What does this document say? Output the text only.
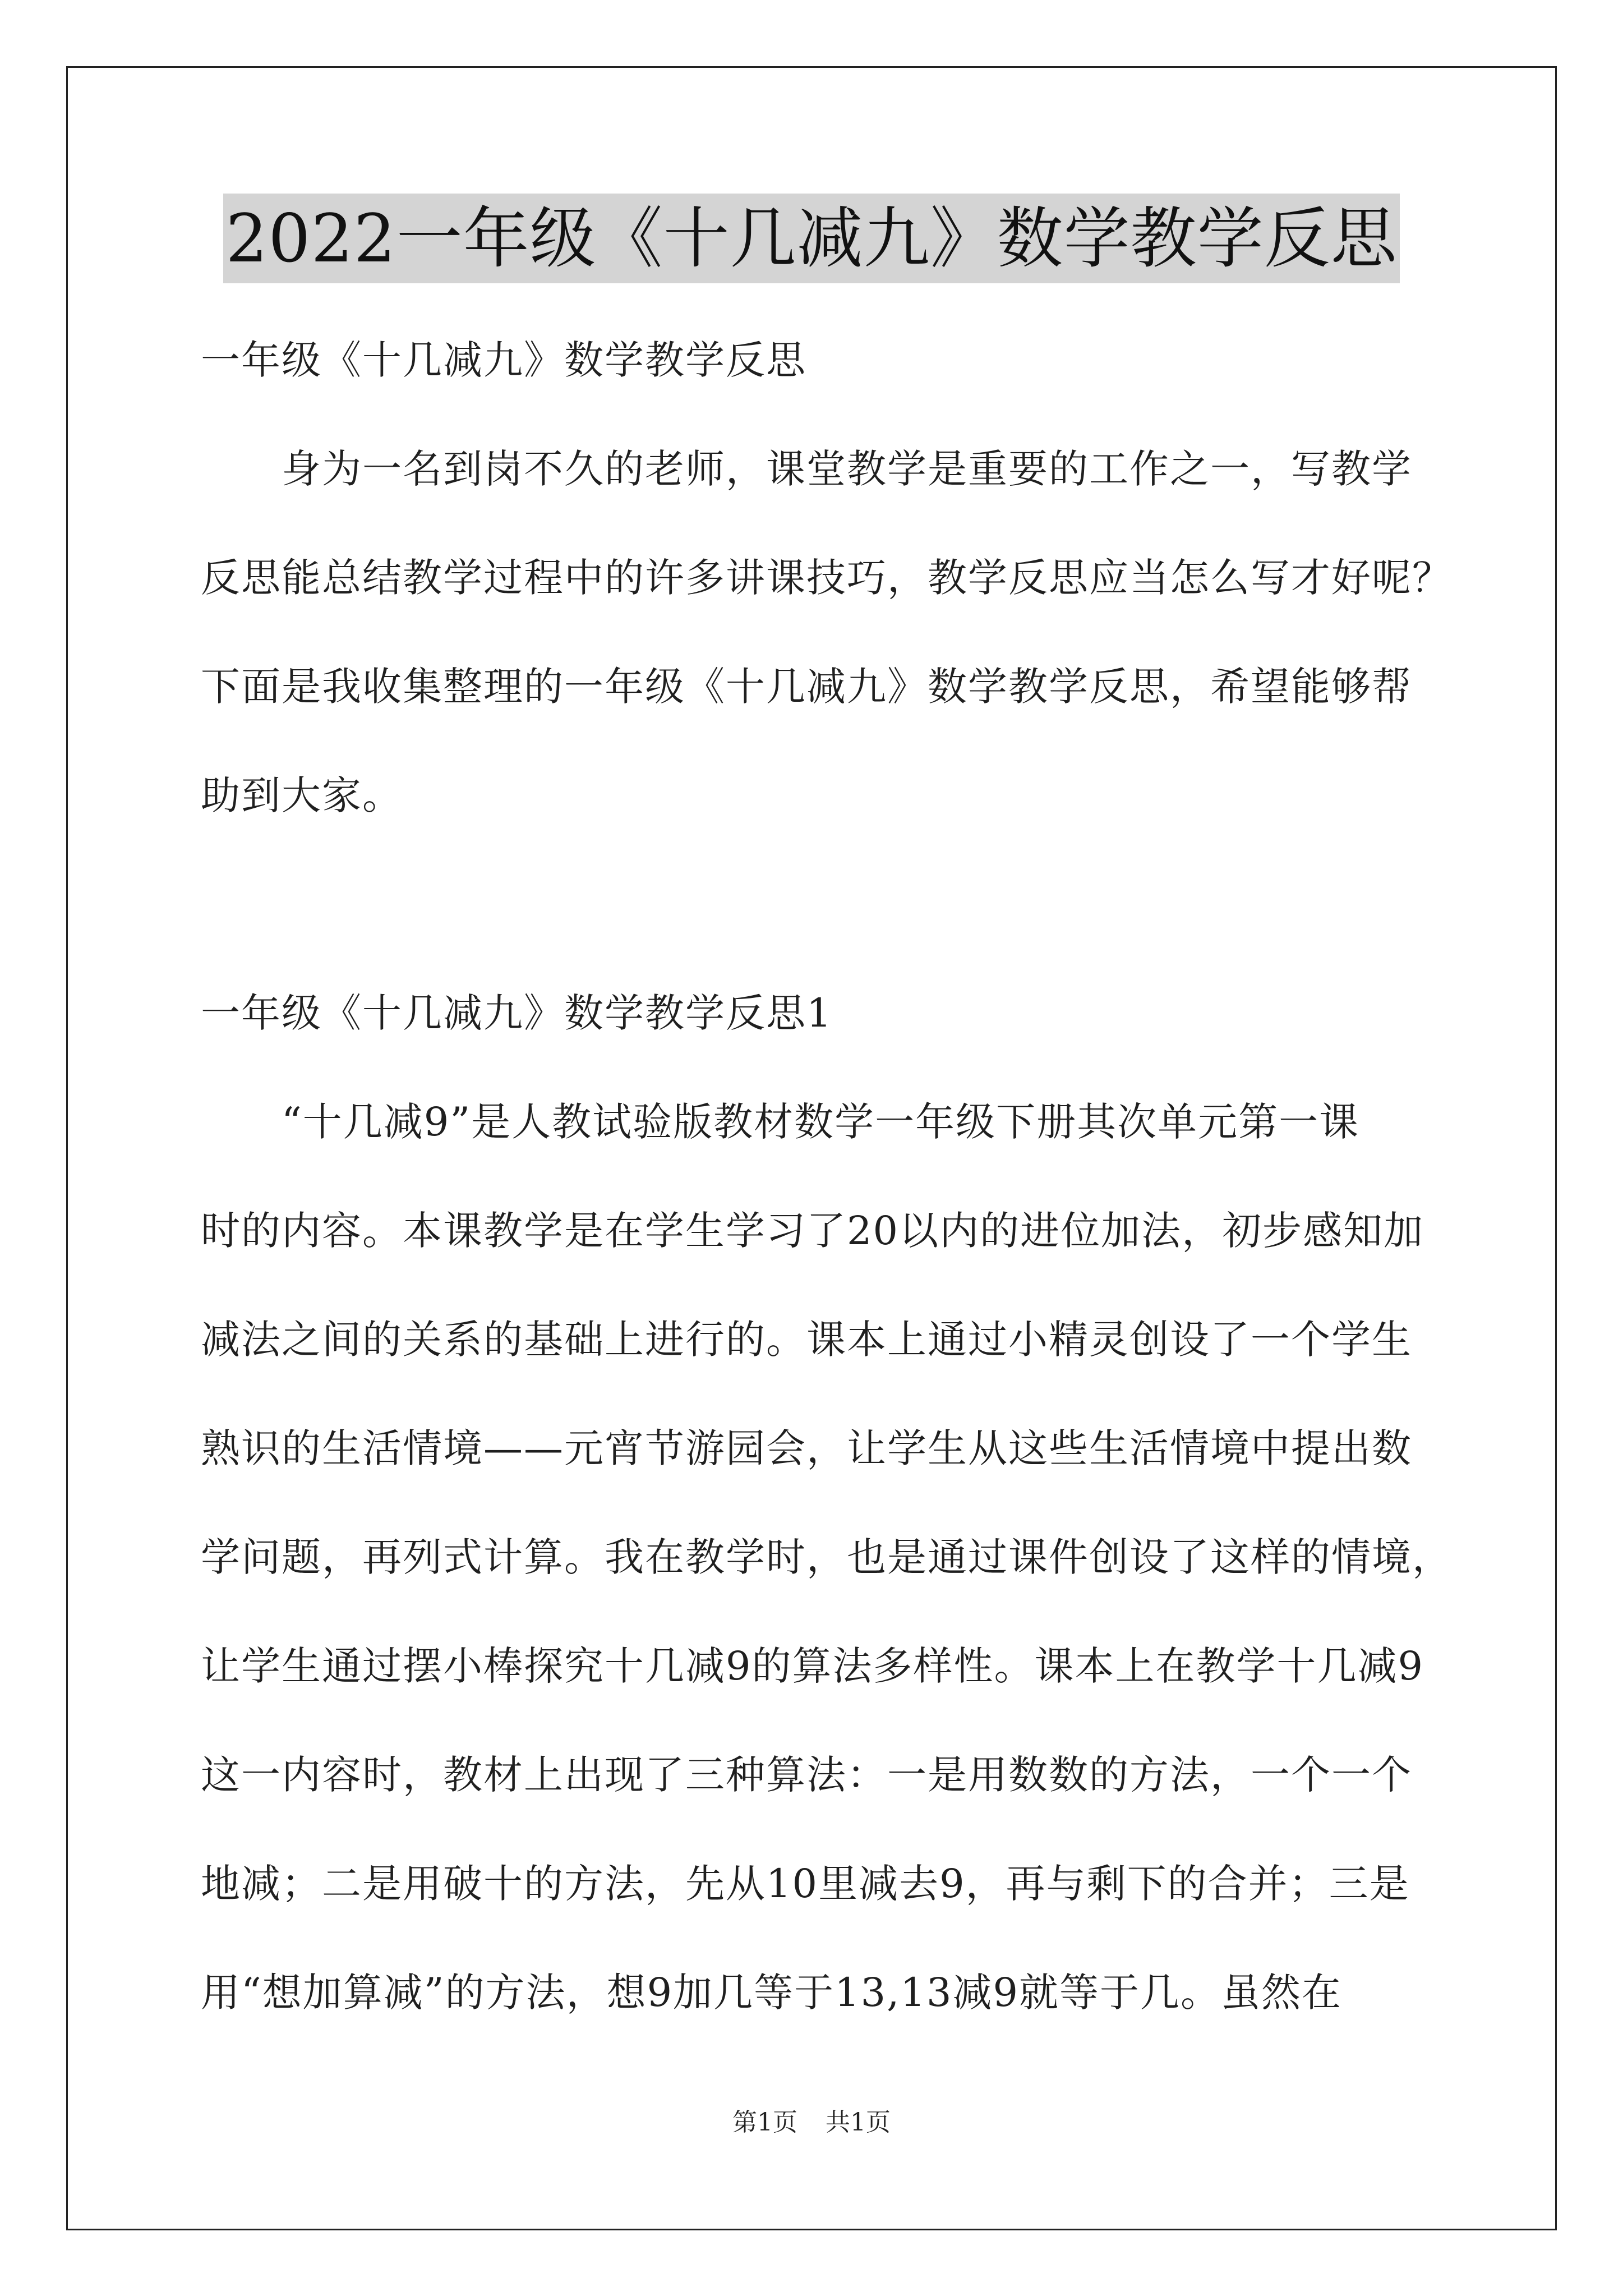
2022一年级《十几减九》数学教学反思
一年级《十几减九》数学教学反思
身为一名到岗不久的老师，课堂教学是重要的工作之一，写教学
反思能总结教学过程中的许多讲课技巧，教学反思应当怎么写才好呢？
下面是我收集整理的一年级《十几减九》数学教学反思，希望能够帮
助到大家。
一年级《十几减九》数学教学反思1
“十几减9”是人教试验版教材数学一年级下册其次单元第一课
时的内容。本课教学是在学生学习了20以内的进位加法，初步感知加
减法之间的关系的基础上进行的。课本上通过小精灵创设了一个学生
熟识的生活情境——元宵节游园会，让学生从这些生活情境中提出数
学问题，再列式计算。我在教学时，也是通过课件创设了这样的情境，
让学生通过摆小棒探究十几减9的算法多样性。课本上在教学十几减9
这一内容时，教材上出现了三种算法：一是用数数的方法，一个一个
地减；二是用破十的方法，先从10里减去9，再与剩下的合并；三是
用“想加算减”的方法，想9加几等于13,13减9就等于几。虽然在
第1页 共1页
